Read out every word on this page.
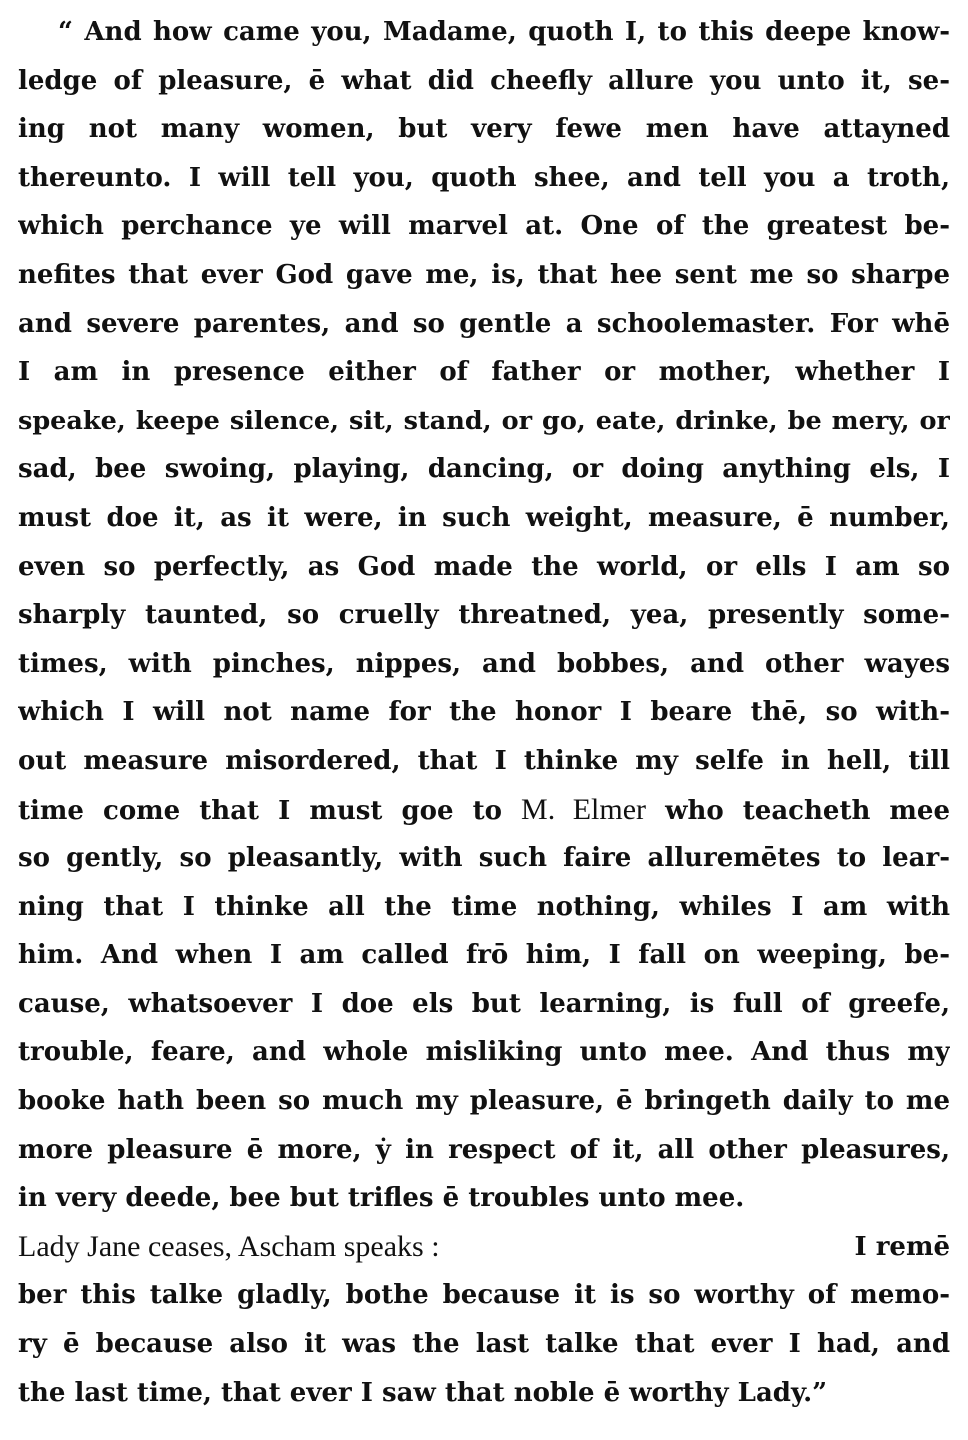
“ And how came you, Madame, quoth I, to this deepe know-
ledge of pleasure, ē what did cheefly allure you unto it, se-
ing not many women, but very fewe men have attayned
thereunto. I will tell you, quoth shee, and tell you a troth,
which perchance ye will marvel at. One of the greatest be-
nefites that ever God gave me, is, that hee sent me so sharpe
and severe parentes, and so gentle a schoolemaster. For whē
I am in presence either of father or mother, whether I
speake, keepe silence, sit, stand, or go, eate, drinke, be mery, or
sad, bee swoing, playing, dancing, or doing anything els, I
must doe it, as it were, in such weight, measure, ē number,
even so perfectly, as God made the world, or ells I am so
sharply taunted, so cruelly threatned, yea, presently some-
times, with pinches, nippes, and bobbes, and other wayes
which I will not name for the honor I beare thē, so with-
out measure misordered, that I thinke my selfe in hell, till
time come that I must goe to M. Elmer who teacheth mee
so gently, so pleasantly, with such faire alluremētes to lear-
ning that I thinke all the time nothing, whiles I am with
him. And when I am called frō him, I fall on weeping, be-
cause, whatsoever I doe els but learning, is full of greefe,
trouble, feare, and whole misliking unto mee. And thus my
booke hath been so much my pleasure, ē bringeth daily to me
more pleasure ē more, ẏ in respect of it, all other pleasures,
in very deede, bee but trifles ē troubles unto mee.
Lady Jane ceases, Ascham speaks :	I remē
ber this talke gladly, bothe because it is so worthy of memo-
ry ē because also it was the last talke that ever I had, and
the last time, that ever I saw that noble ē worthy Lady.”
